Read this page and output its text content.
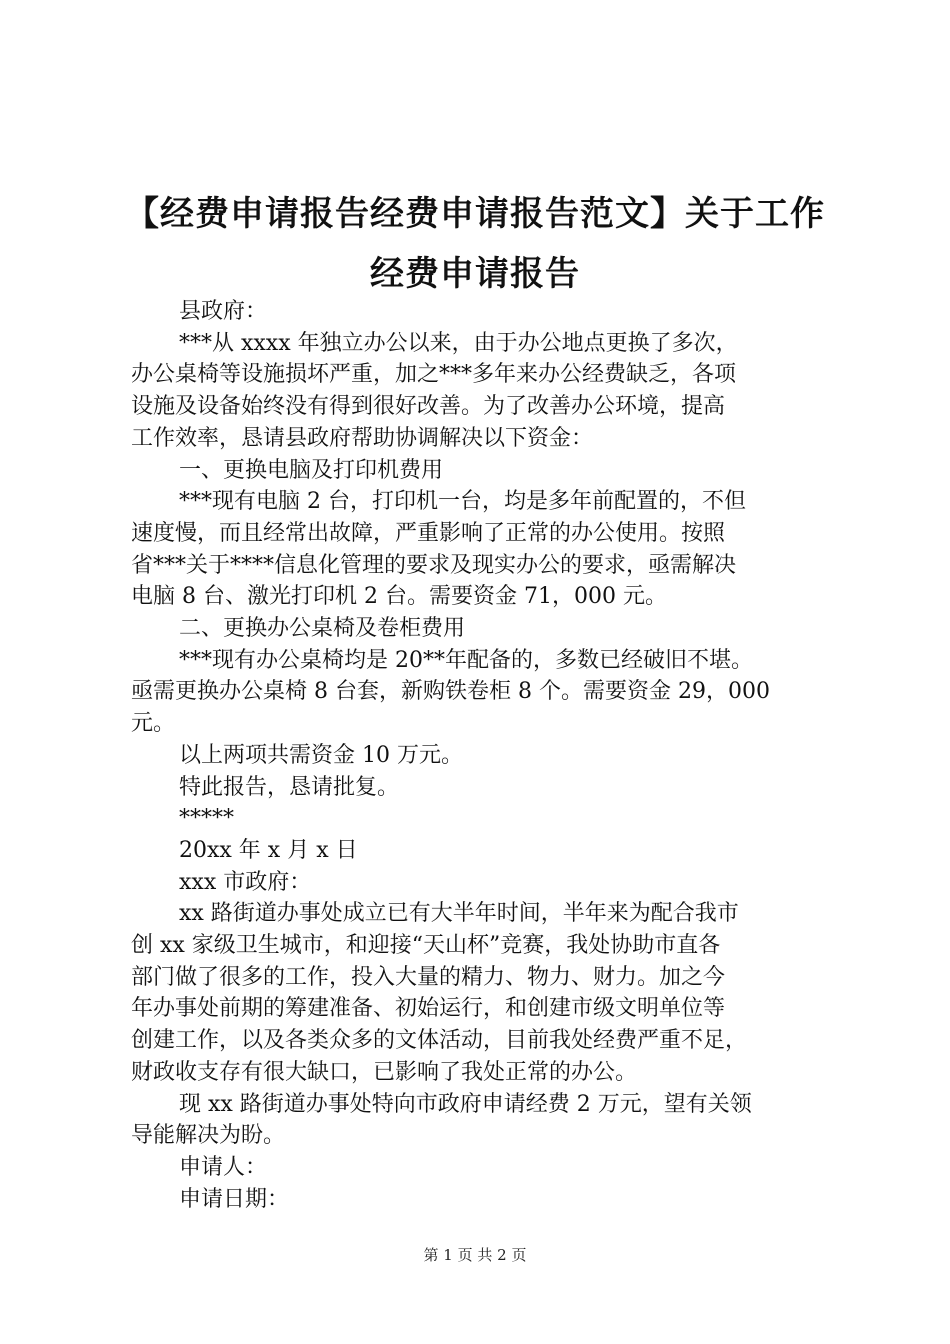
【经费申请报告经费申请报告范文】关于工作
经费申请报告

县政府：

***从 xxxx 年独立办公以来，由于办公地点更换了多次，

办公桌椅等设施损坏严重，加之***多年来办公经费缺乏，各项

设施及设备始终没有得到很好改善。为了改善办公环境，提高

工作效率，恳请县政府帮助协调解决以下资金：

一、更换电脑及打印机费用

***现有电脑 2 台，打印机一台，均是多年前配置的，不但

速度慢，而且经常出故障，严重影响了正常的办公使用。按照

省***关于****信息化管理的要求及现实办公的要求，亟需解决

电脑 8 台、激光打印机 2 台。需要资金 71，000 元。

二、更换办公桌椅及卷柜费用

***现有办公桌椅均是 20**年配备的，多数已经破旧不堪。

亟需更换办公桌椅 8 台套，新购铁卷柜 8 个。需要资金 29，000

元。

以上两项共需资金 10 万元。

特此报告，恳请批复。

*****

20xx 年 x 月 x 日

xxx 市政府：

xx 路街道办事处成立已有大半年时间，半年来为配合我市

创 xx 家级卫生城市，和迎接“天山杯”竞赛，我处协助市直各

部门做了很多的工作，投入大量的精力、物力、财力。加之今

年办事处前期的筹建准备、初始运行，和创建市级文明单位等

创建工作，以及各类众多的文体活动，目前我处经费严重不足，

财政收支存有很大缺口，已影响了我处正常的办公。

现 xx 路街道办事处特向市政府申请经费 2 万元，望有关领

导能解决为盼。

申请人：

申请日期：

第 1 页 共 2 页
